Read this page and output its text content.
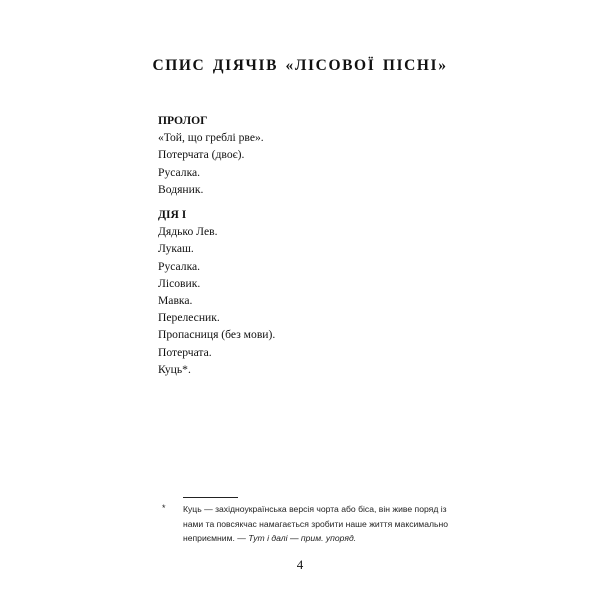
СПИС ДІЯЧІВ «ЛІСОВОЇ ПІСНІ»
ПРОЛОГ
«Той, що греблі рве».
Потерчата (двоє).
Русалка.
Водяник.
ДІЯ I
Дядько Лев.
Лукаш.
Русалка.
Лісовик.
Мавка.
Перелесник.
Пропасниця (без мови).
Потерчата.
Куць*.
* Куць — західноукраїнська версія чорта або біса, він живе поряд із нами та повсякчас намагається зробити наше життя максимально неприємним. — Тут і далі — прим. упоряд.
4
